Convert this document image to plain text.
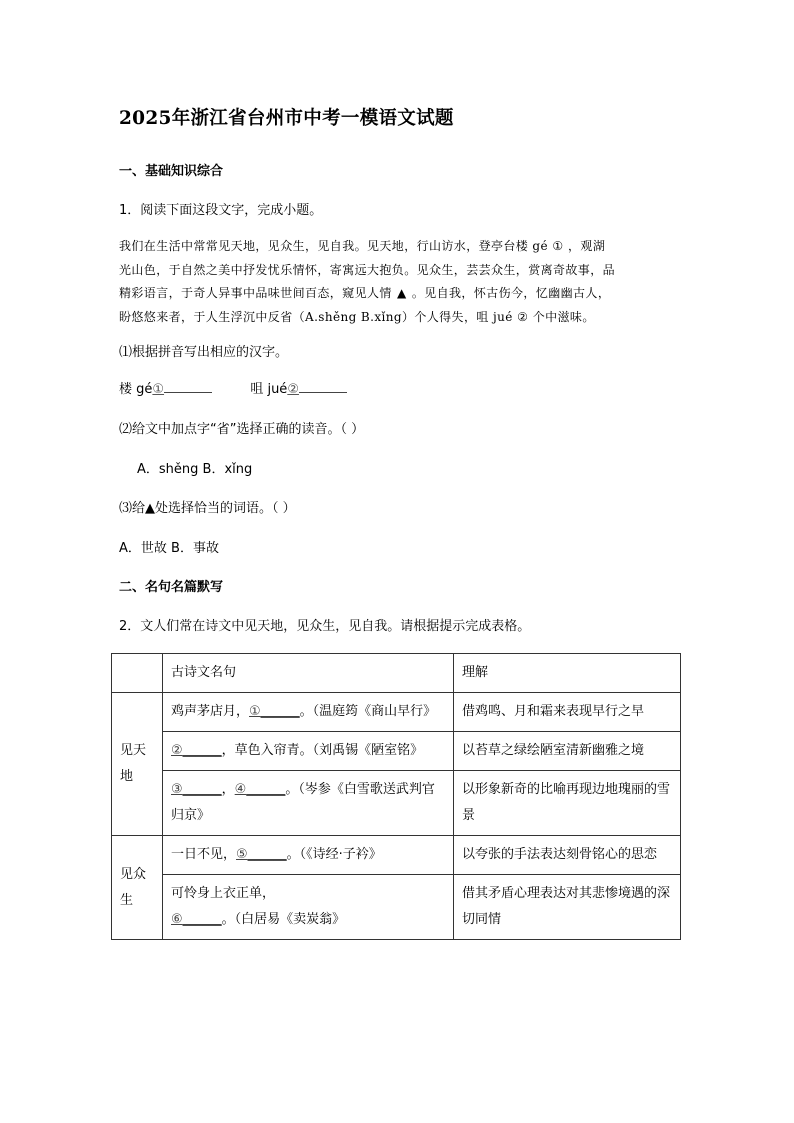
2025年浙江省台州市中考一模语文试题
一、基础知识综合
1．阅读下面这段文字，完成小题。
我们在生活中常常见天地，见众生，见自我。见天地，行山访水，登亭台楼 gé ① ，观湖
光山色，于自然之美中抒发忧乐情怀，寄寓远大抱负。见众生，芸芸众生，赏离奇故事，品
精彩语言，于奇人异事中品味世间百态，窥见人情 ▲ 。见自我，怀古伤今，忆幽幽古人，
盼悠悠来者，于人生浮沉中反省（A.shěng B.xǐng）个人得失，咀 jué ② 个中滋味。
⑴根据拼音写出相应的汉字。
楼 gé①	咀 jué②
⑵给文中加点字“省”选择正确的读音。（ ）
A．shěng B．xǐng
⑶给▲处选择恰当的词语。（ ）
A．世故 B．事故
二、名句名篇默写
2．文人们常在诗文中见天地，见众生，见自我。请根据提示完成表格。
	古诗文名句	理解
见天地	鸡声茅店月，①______。（温庭筠《商山早行》	借鸡鸣、月和霜来表现早行之早
	②______，草色入帘青。（刘禹锡《陋室铭》	以苔草之绿绘陋室清新幽雅之境
	③______，④______。（岑参《白雪歌送武判官归京》	以形象新奇的比喻再现边地瑰丽的雪景
见众生	一日不见，⑤______。（《诗经·子衿》	以夸张的手法表达刻骨铭心的思恋
	可怜身上衣正单，⑥______。（白居易《卖炭翁》	借其矛盾心理表达对其悲惨境遇的深切同情
